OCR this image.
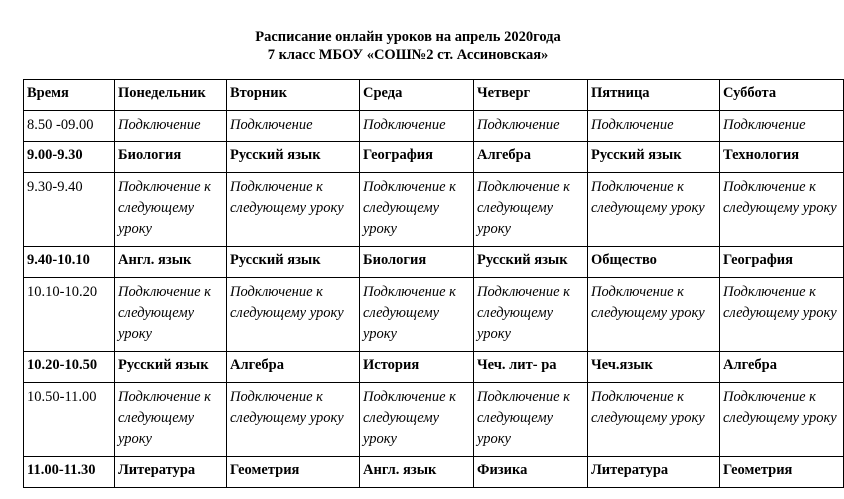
Расписание онлайн уроков на апрель 2020года
7 класс МБОУ «СОШ№2 ст. Ассиновская»
Время	Понедельник	Вторник	Среда	Четверг	Пятница	Суббота
8.50 -09.00	Подключение	Подключение	Подключение	Подключение	Подключение	Подключение
9.00-9.30	Биология	Русский язык	География	Алгебра	Русский язык	Технология
9.30-9.40	Подключение к следующему уроку	Подключение к следующему уроку	Подключение к следующему уроку	Подключение к следующему уроку	Подключение к следующему уроку	Подключение к следующему уроку
9.40-10.10	Англ. язык	Русский язык	Биология	Русский язык	Общество	География
10.10-10.20	Подключение к следующему уроку	Подключение к следующему уроку	Подключение к следующему уроку	Подключение к следующему уроку	Подключение к следующему уроку	Подключение к следующему уроку
10.20-10.50	Русский язык	Алгебра	История	Чеч. лит- ра	Чеч.язык	Алгебра
10.50-11.00	Подключение к следующему уроку	Подключение к следующему уроку	Подключение к следующему уроку	Подключение к следующему уроку	Подключение к следующему уроку	Подключение к следующему уроку
11.00-11.30	Литература	Геометрия	Англ. язык	Физика	Литература	Геометрия
